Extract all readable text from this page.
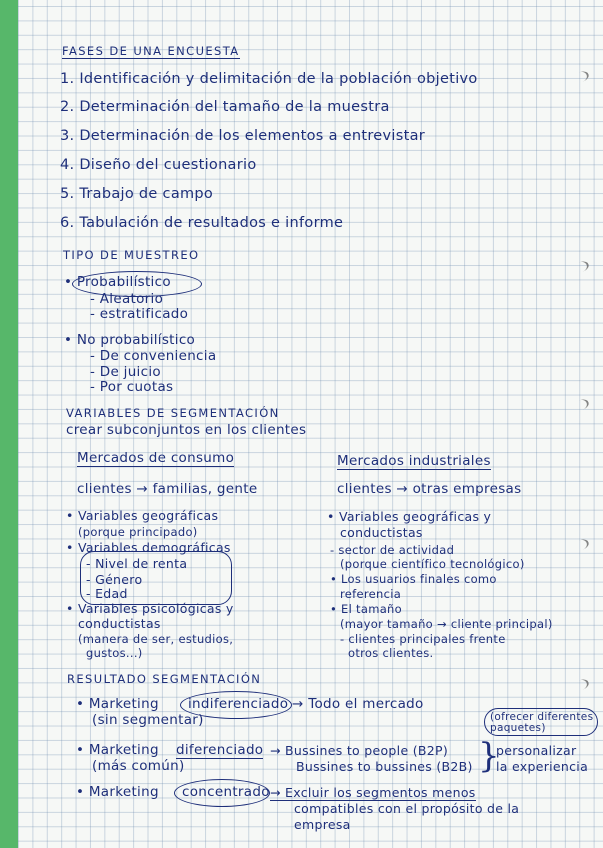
FASES DE UNA ENCUESTA
1. Identificación y delimitación de la población objetivo
2. Determinación del tamaño de la muestra
3. Determinación de los elementos a entrevistar
4. Diseño del cuestionario
5. Trabajo de campo
6. Tabulación de resultados e informe
TIPO DE MUESTREO
• Probabilístico
- Aleatorio
- estratificado
• No probabilístico
- De conveniencia
- De juicio
- Por cuotas
VARIABLES DE SEGMENTACIÓN
crear subconjuntos en los clientes
Mercados de consumo
clientes → familias, gente
• Variables geográficas
(porque principado)
• Variables demográficas
- Nivel de renta
- Género
- Edad
• Variables psicológicas y
conductistas
(manera de ser, estudios,
gustos...)
Mercados industriales
clientes → otras empresas
• Variables geográficas y
conductistas
- sector de actividad
(porque científico tecnológico)
• Los usuarios finales como
referencia
• El tamaño
(mayor tamaño → cliente principal)
- clientes principales frente
otros clientes.
RESULTADO SEGMENTACIÓN
• Marketing indiferenciado → Todo el mercado
(sin segmentar)	(ofrecer diferentes paquetes)
• Marketing diferenciado → Bussines to people (B2P)
Bussines to bussines (B2B)
(más común)	}
personalizar
la experiencia
• Marketing concentrado → Excluir los segmentos menos
compatibles con el propósito de la
empresa
